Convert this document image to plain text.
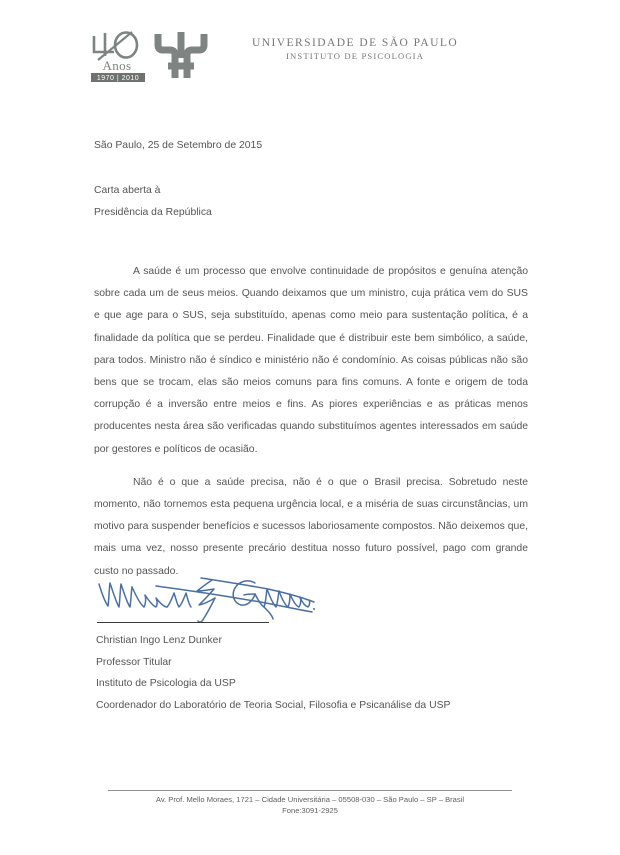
Anos
1970 | 2010
UNIVERSIDADE DE SÃO PAULO
INSTITUTO DE PSICOLOGIA
São Paulo, 25 de Setembro de 2015
Carta aberta à
Presidência da República

A saúde é um processo que envolve continuidade de propósitos e genuína atenção sobre cada um de seus meios. Quando deixamos que um ministro, cuja prática vem do SUS e que age para o SUS, seja substituído, apenas como meio para sustentação política, é a finalidade da política que se perdeu. Finalidade que é distribuir este bem simbólico, a saúde, para todos. Ministro não é síndico e ministério não é condomínio. As coisas públicas não são bens que se trocam, elas são meios comuns para fins comuns. A fonte e origem de toda corrupção é a inversão entre meios e fins. As piores experiências e as práticas menos producentes nesta área são verificadas quando substituímos agentes interessados em saúde por gestores e políticos de ocasião.

Não é o que a saúde precisa, não é o que o Brasil precisa. Sobretudo neste momento, não tornemos esta pequena urgência local, e a miséria de suas circunstâncias, um motivo para suspender benefícios e sucessos laboriosamente compostos. Não deixemos que, mais uma vez, nosso presente precário destitua nosso futuro possível, pago com grande custo no passado.

Christian Ingo Lenz Dunker
Professor Titular
Instituto de Psicologia da USP
Coordenador do Laboratório de Teoria Social, Filosofia e Psicanálise da USP
Av. Prof. Mello Moraes, 1721 – Cidade Universitária – 05508-030 – São Paulo – SP – Brasil
Fone:3091-2925
